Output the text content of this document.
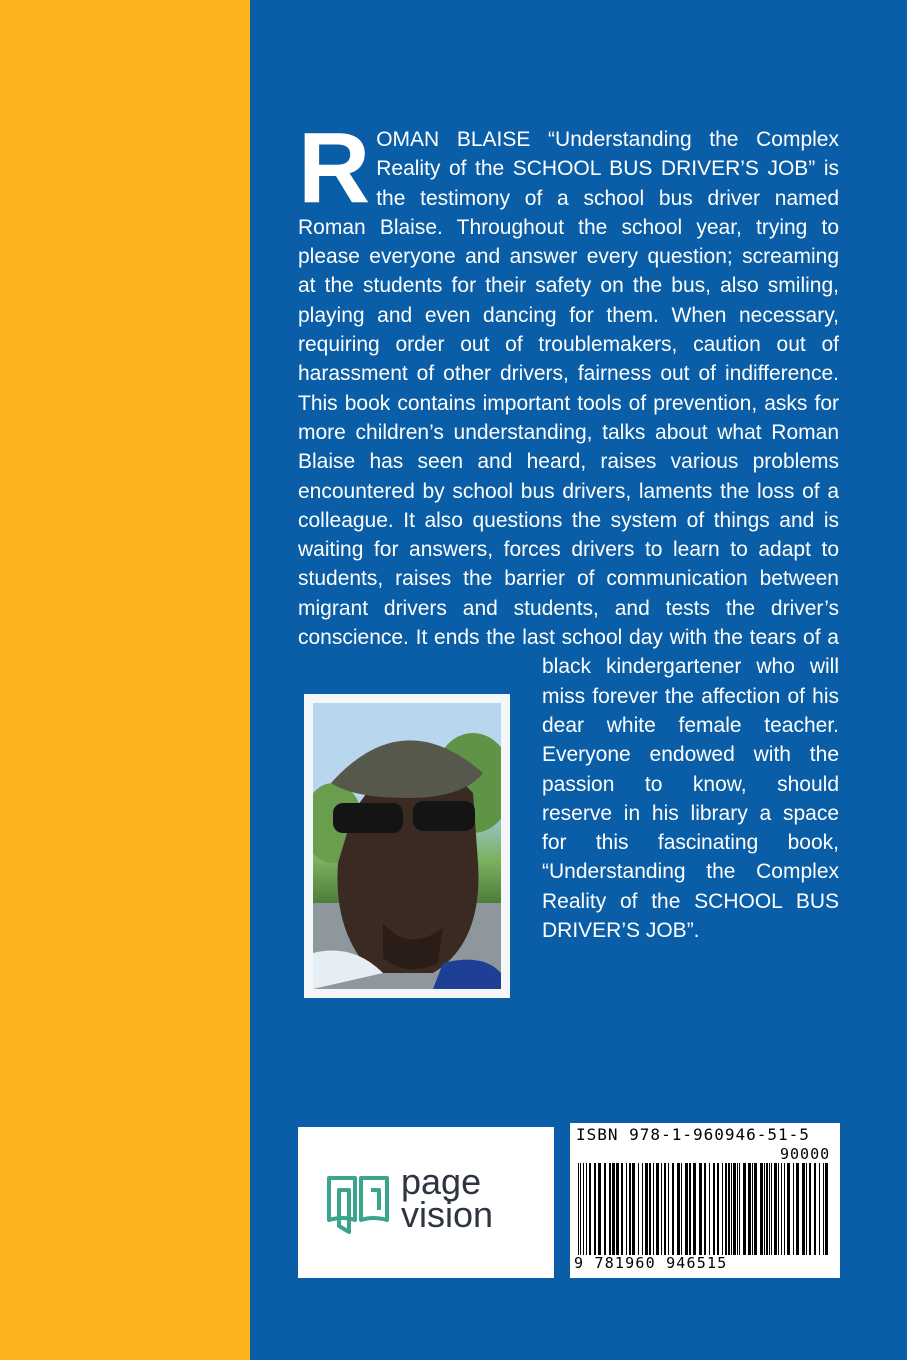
ROMAN BLAISE “Understanding the Complex Reality of the SCHOOL BUS DRIVER’S JOB” is the testimony of a school bus driver named Roman Blaise. Throughout the school year, trying to please everyone and answer every question; screaming at the students for their safety on the bus, also smiling, playing and even dancing for them. When necessary, requiring order out of troublemakers, caution out of harassment of other drivers, fairness out of indifference. This book contains important tools of prevention, asks for more children’s understanding, talks about what Roman Blaise has seen and heard, raises various problems encountered by school bus drivers, laments the loss of a colleague. It also questions the system of things and is waiting for answers, forces drivers to learn to adapt to students, raises the barrier of communication between migrant drivers and students, and tests the driver’s conscience. It ends the last school day with the tears of a black kindergartener who will miss forever the affection of his dear white female teacher. Everyone endowed with the passion to know, should reserve in his library a space for this fascinating book, “Understanding the Complex Reality of the SCHOOL BUS DRIVER’S JOB”.
page
vision
ISBN 978-1-960946-51-5
90000
9 781960 946515
